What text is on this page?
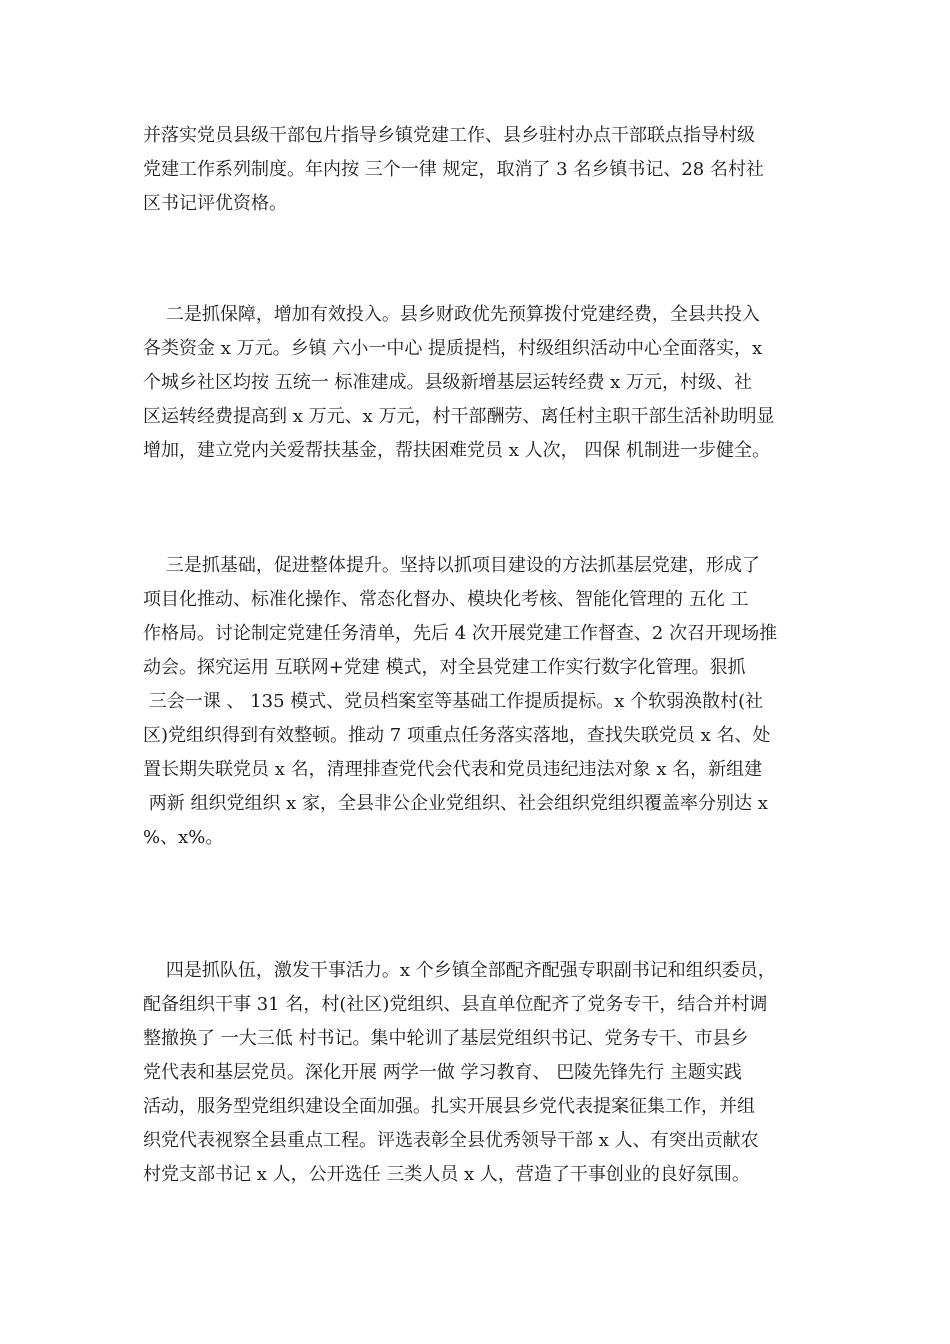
并落实党员县级干部包片指导乡镇党建工作、县乡驻村办点干部联点指导村级
党建工作系列制度。年内按 三个一律 规定，取消了 3 名乡镇书记、28 名村社
区书记评优资格。

二是抓保障，增加有效投入。县乡财政优先预算拨付党建经费，全县共投入
各类资金 x 万元。乡镇 六小一中心 提质提档，村级组织活动中心全面落实，x
个城乡社区均按 五统一 标准建成。县级新增基层运转经费 x 万元，村级、社
区运转经费提高到 x 万元、x 万元，村干部酬劳、离任村主职干部生活补助明显
增加，建立党内关爱帮扶基金，帮扶困难党员 x 人次， 四保 机制进一步健全。

三是抓基础，促进整体提升。坚持以抓项目建设的方法抓基层党建，形成了
项目化推动、标准化操作、常态化督办、模块化考核、智能化管理的 五化 工
作格局。讨论制定党建任务清单，先后 4 次开展党建工作督查、2 次召开现场推
动会。探究运用 互联网+党建 模式，对全县党建工作实行数字化管理。狠抓
三会一课 、 135 模式、党员档案室等基础工作提质提标。x 个软弱涣散村(社
区)党组织得到有效整顿。推动 7 项重点任务落实落地，查找失联党员 x 名、处
置长期失联党员 x 名，清理排查党代会代表和党员违纪违法对象 x 名，新组建
两新 组织党组织 x 家，全县非公企业党组织、社会组织党组织覆盖率分别达 x
%、x%。

四是抓队伍，激发干事活力。x 个乡镇全部配齐配强专职副书记和组织委员，
配备组织干事 31 名，村(社区)党组织、县直单位配齐了党务专干，结合并村调
整撤换了 一大三低 村书记。集中轮训了基层党组织书记、党务专干、市县乡
党代表和基层党员。深化开展 两学一做 学习教育、 巴陵先锋先行 主题实践
活动，服务型党组织建设全面加强。扎实开展县乡党代表提案征集工作，并组
织党代表视察全县重点工程。评选表彰全县优秀领导干部 x 人、有突出贡献农
村党支部书记 x 人，公开选任 三类人员 x 人，营造了干事创业的良好氛围。
